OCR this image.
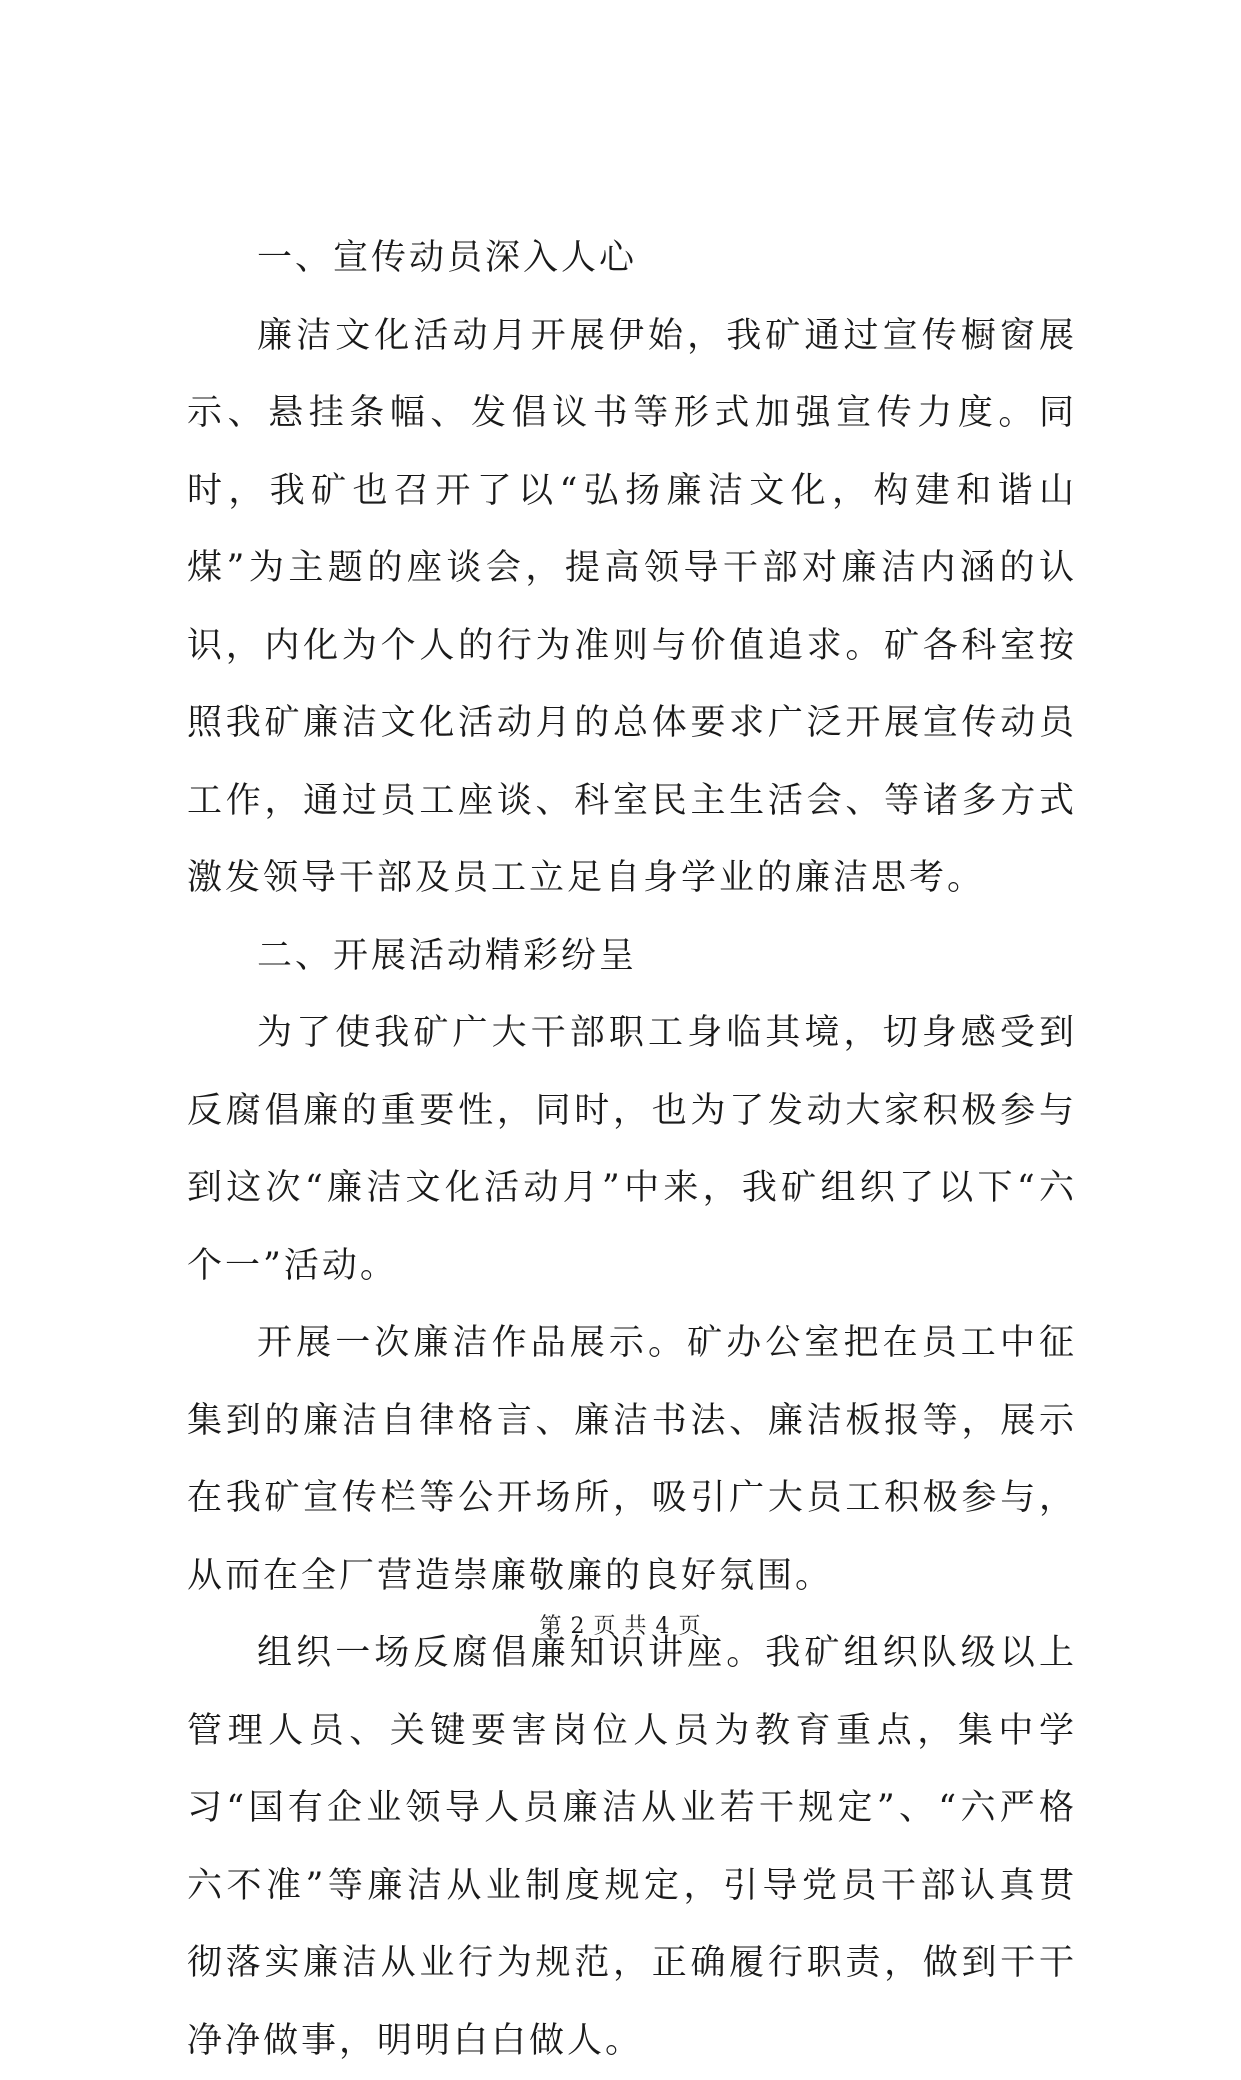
一、宣传动员深入人心

廉洁文化活动月开展伊始，我矿通过宣传橱窗展示、悬挂条幅、发倡议书等形式加强宣传力度。同时，我矿也召开了以“弘扬廉洁文化，构建和谐山煤”为主题的座谈会，提高领导干部对廉洁内涵的认识，内化为个人的行为准则与价值追求。矿各科室按照我矿廉洁文化活动月的总体要求广泛开展宣传动员工作，通过员工座谈、科室民主生活会、等诸多方式激发领导干部及员工立足自身学业的廉洁思考。

二、开展活动精彩纷呈

为了使我矿广大干部职工身临其境，切身感受到反腐倡廉的重要性，同时，也为了发动大家积极参与到这次“廉洁文化活动月”中来，我矿组织了以下“六个一”活动。

开展一次廉洁作品展示。矿办公室把在员工中征集到的廉洁自律格言、廉洁书法、廉洁板报等，展示在我矿宣传栏等公开场所，吸引广大员工积极参与，从而在全厂营造崇廉敬廉的良好氛围。

组织一场反腐倡廉知识讲座。我矿组织队级以上管理人员、关键要害岗位人员为教育重点，集中学习“国有企业领导人员廉洁从业若干规定”、“六严格六不准”等廉洁从业制度规定，引导党员干部认真贯彻落实廉洁从业行为规范，正确履行职责，做到干干净净做事，明明白白做人。

第 2 页 共 4 页
